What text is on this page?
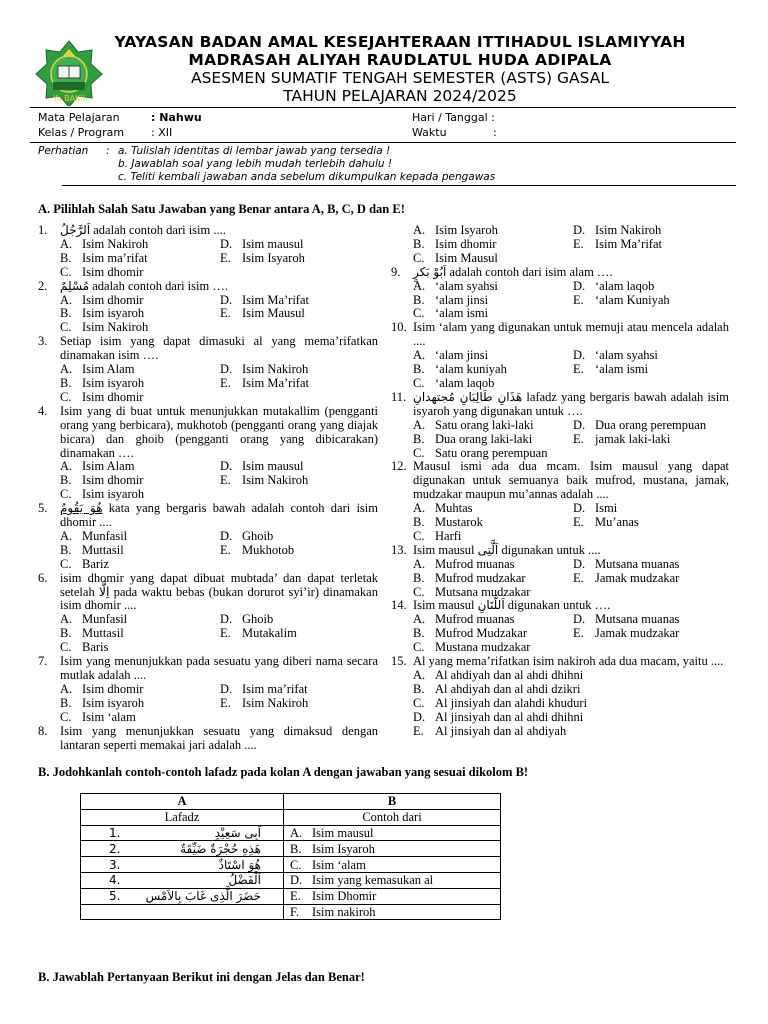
Ya BAKII
YAYASAN BADAN AMAL KESEJAHTERAAN ITTIHADUL ISLAMIYYAH
MADRASAH ALIYAH RAUDLATUL HUDA ADIPALA
ASESMEN SUMATIF TENGAH SEMESTER (ASTS) GASAL
TAHUN PELAJARAN 2024/2025
Mata Pelajaran	: Nahwu	Hari / Tanggal :
Kelas / Program : XII	Waktu	:
Perhatian : a. Tulislah identitas di lembar jawab yang tersedia !
b. Jawablah soal yang lebih mudah terlebih dahulu !
c. Teliti kembali jawaban anda sebelum dikumpulkan kepada pengawas
A. Pilihlah Salah Satu Jawaban yang Benar antara A, B, C, D dan E!
1.	اَلرَّجُلُ adalah contoh dari isim ....
A. Isim Nakiroh	D. Isim mausul
B. Isim ma’rifat	E. Isim Isyaroh
C. Isim dhomir
2.	مُسْلِمٌ adalah contoh dari isim ….
A. Isim dhomir	D. Isim Ma’rifat
B. Isim isyaroh	E. Isim Mausul
C. Isim Nakiroh
3.	Setiap isim yang dapat dimasuki al yang mema’rifatkan dinamakan isim ….
A. Isim Alam	D. Isim Nakiroh
B. Isim isyaroh	E. Isim Ma’rifat
C. Isim dhomir
4.	Isim yang di buat untuk menunjukkan mutakallim (pengganti orang yang berbicara), mukhotob (pengganti orang yang diajak bicara) dan ghoib (pengganti orang yang dibicarakan) dinamakan ….
A. Isim Alam	D. Isim mausul
B. Isim dhomir	E. Isim Nakiroh
C. Isim isyaroh
5.	هُوَ يَقُومُ kata yang bergaris bawah adalah contoh dari isim dhomir ....
A. Munfasil	D. Ghoib
B. Muttasil	E. Mukhotob
C. Bariz
6.	isim dhomir yang dapat dibuat mubtada’ dan dapat terletak setelah اِلَّا pada waktu bebas (bukan dorurot syi’ir) dinamakan isim dhomir ....
A. Munfasil	D. Ghoib
B. Muttasil	E. Mutakalim
C. Baris
7.	Isim yang menunjukkan pada sesuatu yang diberi nama secara mutlak adalah ....
A. Isim dhomir	D. Isim ma’rifat
B. Isim isyaroh	E. Isim Nakiroh
C. Isim ‘alam
8.	Isim yang menunjukkan sesuatu yang dimaksud dengan lantaran seperti memakai jari adalah ....
A. Isim Isyaroh	D. Isim Nakiroh
B. Isim dhomir	E. Isim Ma’rifat
C. Isim Mausul
9.	اَبُوْ بَكرٍ adalah contoh dari isim alam ….
A. ‘alam syahsi	D. ‘alam laqob
B. ‘alam jinsi	E. ‘alam Kuniyah
C. ‘alam ismi
10. Isim ‘alam yang digunakan untuk memuji atau mencela adalah ....
A. ‘alam jinsi	D. ‘alam syahsi
B. ‘alam kuniyah	E. ‘alam ismi
C. ‘alam laqob
11. هَذَانِ طَالِبَانِ مُجتهدانِ lafadz yang bergaris bawah adalah isim isyaroh yang digunakan untuk ….
A. Satu orang laki-laki	D. Dua orang perempuan
B. Dua orang laki-laki	E. jamak laki-laki
C. Satu orang perempuan
12. Mausul ismi ada dua mcam. Isim mausul yang dapat digunakan untuk semuanya baik mufrod, mustana, jamak, mudzakar maupun mu’annas adalah ....
A. Muhtas	D. Ismi
B. Mustarok	E. Mu’anas
C. Harfi
13. Isim mausul اَلَّتِى digunakan untuk ....
A. Mufrod muanas	D. Mutsana muanas
B. Mufrod mudzakar	E. Jamak mudzakar
C. Mutsana mudzakar
14. Isim mausul اَللَّتَانِ digunakan untuk ….
A. Mufrod muanas	D. Mutsana muanas
B. Mufrod Mudzakar	E. Jamak mudzakar
C. Mustana mudzakar
15. Al yang mema’rifatkan isim nakiroh ada dua macam, yaitu ....
A. Al ahdiyah dan al ahdi dhihni
B. Al ahdiyah dan al ahdi dzikri
C. Al jinsiyah dan alahdi khuduri
D. Al jinsiyah dan al ahdi dhihni
E. Al jinsiyah dan al ahdiyah
B. Jodohkanlah contoh-contoh lafadz pada kolan A dengan jawaban yang sesuai dikolom B!
A	B
Lafadz	Contoh dari

1. اَبِى سَعِيْدٍ	A. Isim mausul

2. هَذِهِ حُجْرَةٌ ضَيِّقَةٌ	B. Isim Isyaroh

3. هُوَ اسْتَاذٌ	C. Isim ‘alam

4. اَلْفَضْلُ	D. Isim yang kemasukan al

5. حَضَرَ الَّذِى غَابَ بِالاَمْسِ	E. Isim Dhomir
	F. Isim nakiroh
B. Jawablah Pertanyaan Berikut ini dengan Jelas dan Benar!
